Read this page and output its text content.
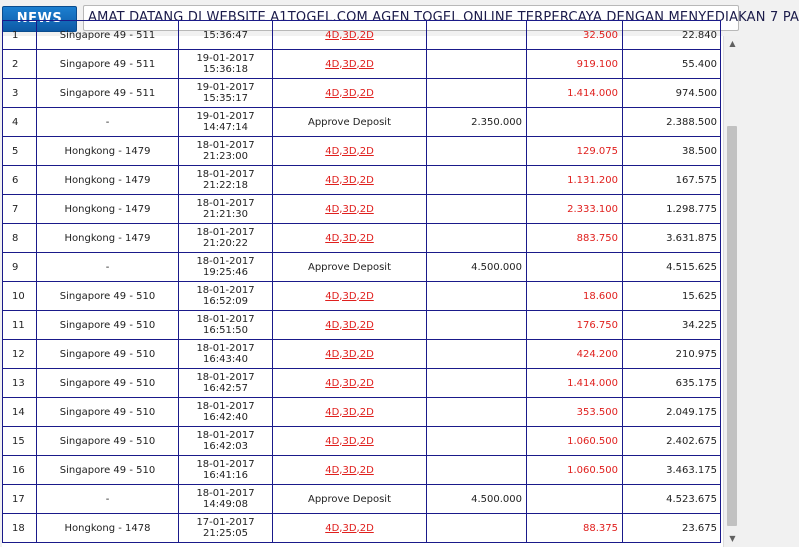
NEWS	AMAT DATANG DI WEBSITE A1TOGEL.COM AGEN TOGEL ONLINE TERPERCAYA DENGAN MENYEDIAKAN 7 PA
1	Singapore 49 - 511	15:36:47	4D,3D,2D		32.500	22.840
2	Singapore 49 - 511	19-01-2017
15:36:18	4D,3D,2D		919.100	55.400
3	Singapore 49 - 511	19-01-2017
15:35:17	4D,3D,2D		1.414.000	974.500
4	-	19-01-2017
14:47:14	Approve Deposit	2.350.000		2.388.500
5	Hongkong - 1479	18-01-2017
21:23:00	4D,3D,2D		129.075	38.500
6	Hongkong - 1479	18-01-2017
21:22:18	4D,3D,2D		1.131.200	167.575
7	Hongkong - 1479	18-01-2017
21:21:30	4D,3D,2D		2.333.100	1.298.775
8	Hongkong - 1479	18-01-2017
21:20:22	4D,3D,2D		883.750	3.631.875
9	-	18-01-2017
19:25:46	Approve Deposit	4.500.000		4.515.625
10	Singapore 49 - 510	18-01-2017
16:52:09	4D,3D,2D		18.600	15.625
11	Singapore 49 - 510	18-01-2017
16:51:50	4D,3D,2D		176.750	34.225
12	Singapore 49 - 510	18-01-2017
16:43:40	4D,3D,2D		424.200	210.975
13	Singapore 49 - 510	18-01-2017
16:42:57	4D,3D,2D		1.414.000	635.175
14	Singapore 49 - 510	18-01-2017
16:42:40	4D,3D,2D		353.500	2.049.175
15	Singapore 49 - 510	18-01-2017
16:42:03	4D,3D,2D		1.060.500	2.402.675
16	Singapore 49 - 510	18-01-2017
16:41:16	4D,3D,2D		1.060.500	3.463.175
17	-	18-01-2017
14:49:08	Approve Deposit	4.500.000		4.523.675
18	Hongkong - 1478	17-01-2017
21:25:05	4D,3D,2D		88.375	23.675
▲
▼
